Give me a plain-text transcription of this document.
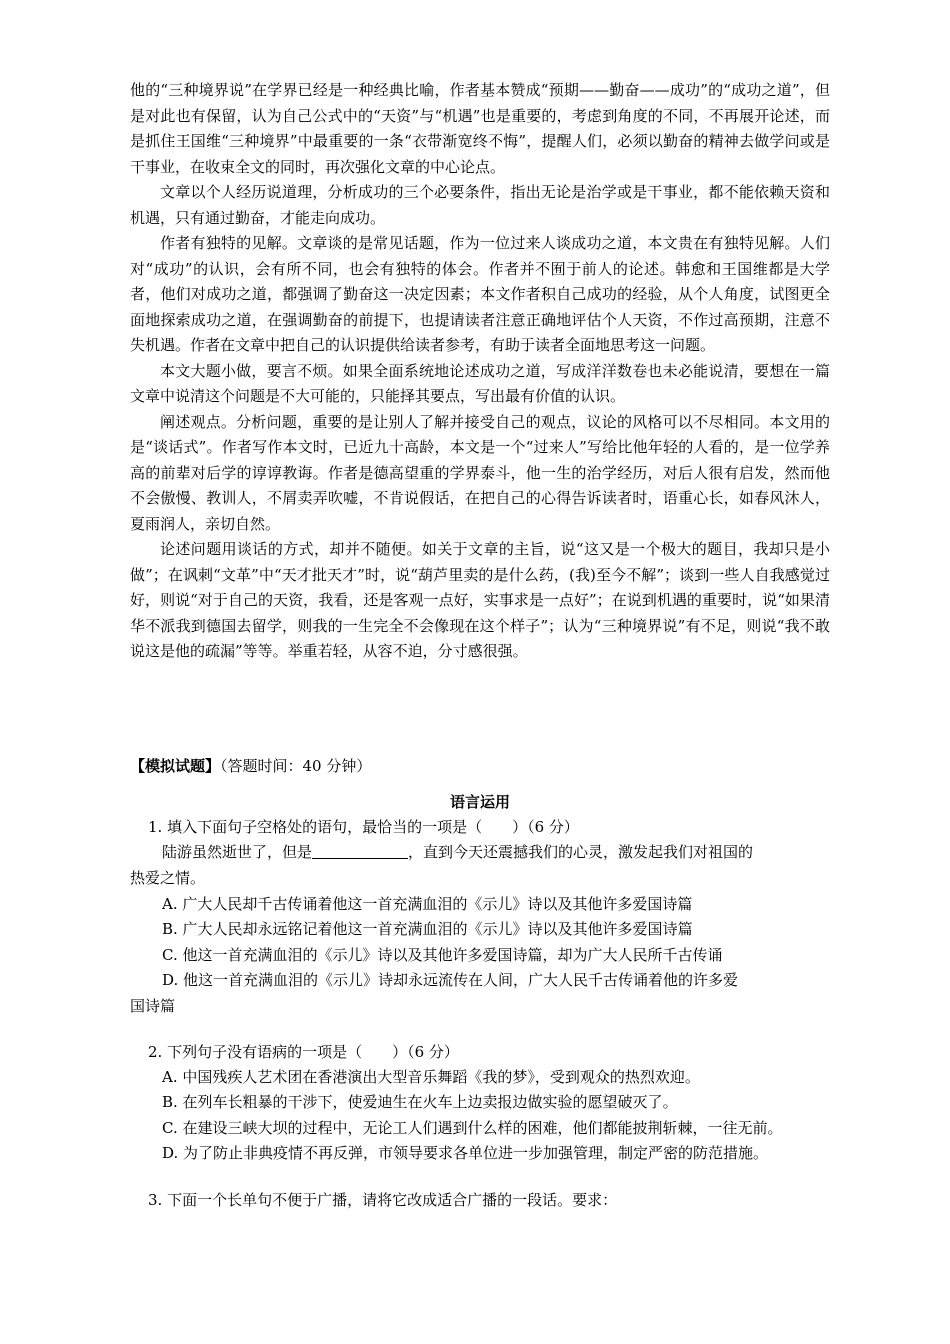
他的“三种境界说”在学界已经是一种经典比喻，作者基本赞成“预期——勤奋——成功”的“成功之道”，但是对此也有保留，认为自己公式中的“天资”与“机遇”也是重要的，考虑到角度的不同，不再展开论述，而是抓住王国维“三种境界”中最重要的一条“衣带渐宽终不悔”，提醒人们，必须以勤奋的精神去做学问或是干事业，在收束全文的同时，再次强化文章的中心论点。

文章以个人经历说道理，分析成功的三个必要条件，指出无论是治学或是干事业，都不能依赖天资和机遇，只有通过勤奋，才能走向成功。

作者有独特的见解。文章谈的是常见话题，作为一位过来人谈成功之道，本文贵在有独特见解。人们对“成功”的认识，会有所不同，也会有独特的体会。作者并不囿于前人的论述。韩愈和王国维都是大学者，他们对成功之道，都强调了勤奋这一决定因素；本文作者积自己成功的经验，从个人角度，试图更全面地探索成功之道，在强调勤奋的前提下，也提请读者注意正确地评估个人天资，不作过高预期，注意不失机遇。作者在文章中把自己的认识提供给读者参考，有助于读者全面地思考这一问题。

本文大题小做，要言不烦。如果全面系统地论述成功之道，写成洋洋数卷也未必能说清，要想在一篇文章中说清这个问题是不大可能的，只能择其要点，写出最有价值的认识。

阐述观点。分析问题，重要的是让别人了解并接受自己的观点，议论的风格可以不尽相同。本文用的是“谈话式”。作者写作本文时，已近九十高龄，本文是一个“过来人”写给比他年轻的人看的，是一位学养高的前辈对后学的谆谆教诲。作者是德高望重的学界泰斗，他一生的治学经历，对后人很有启发，然而他不会傲慢、教训人，不屑卖弄吹嘘，不肯说假话，在把自己的心得告诉读者时，语重心长，如春风沐人，夏雨润人，亲切自然。

论述问题用谈话的方式，却并不随便。如关于文章的主旨，说“这又是一个极大的题目，我却只是小做”；在讽刺“文革”中“天才批天才”时，说“葫芦里卖的是什么药，(我)至今不解”；谈到一些人自我感觉过好，则说“对于自己的天资，我看，还是客观一点好，实事求是一点好”；在说到机遇的重要时，说“如果清华不派我到德国去留学，则我的一生完全不会像现在这个样子”；认为“三种境界说”有不足，则说“我不敢说这是他的疏漏”等等。举重若轻，从容不迫，分寸感很强。

【模拟试题】（答题时间：40 分钟）
语言运用
1. 填入下面句子空格处的语句，最恰当的一项是（　　）（6 分）
陆游虽然逝世了，但是	，直到今天还震撼我们的心灵，激发起我们对祖国的
热爱之情。
A. 广大人民却千古传诵着他这一首充满血泪的《示儿》诗以及其他许多爱国诗篇
B. 广大人民却永远铭记着他这一首充满血泪的《示儿》诗以及其他许多爱国诗篇
C. 他这一首充满血泪的《示儿》诗以及其他许多爱国诗篇，却为广大人民所千古传诵
D. 他这一首充满血泪的《示儿》诗却永远流传在人间，广大人民千古传诵着他的许多爱
国诗篇
2. 下列句子没有语病的一项是（　　）（6 分）
A. 中国残疾人艺术团在香港演出大型音乐舞蹈《我的梦》，受到观众的热烈欢迎。
B. 在列车长粗暴的干涉下，使爱迪生在火车上边卖报边做实验的愿望破灭了。
C. 在建设三峡大坝的过程中，无论工人们遇到什么样的困难，他们都能披荆斩棘，一往无前。
D. 为了防止非典疫情不再反弹，市领导要求各单位进一步加强管理，制定严密的防范措施。
3. 下面一个长单句不便于广播，请将它改成适合广播的一段话。要求：
